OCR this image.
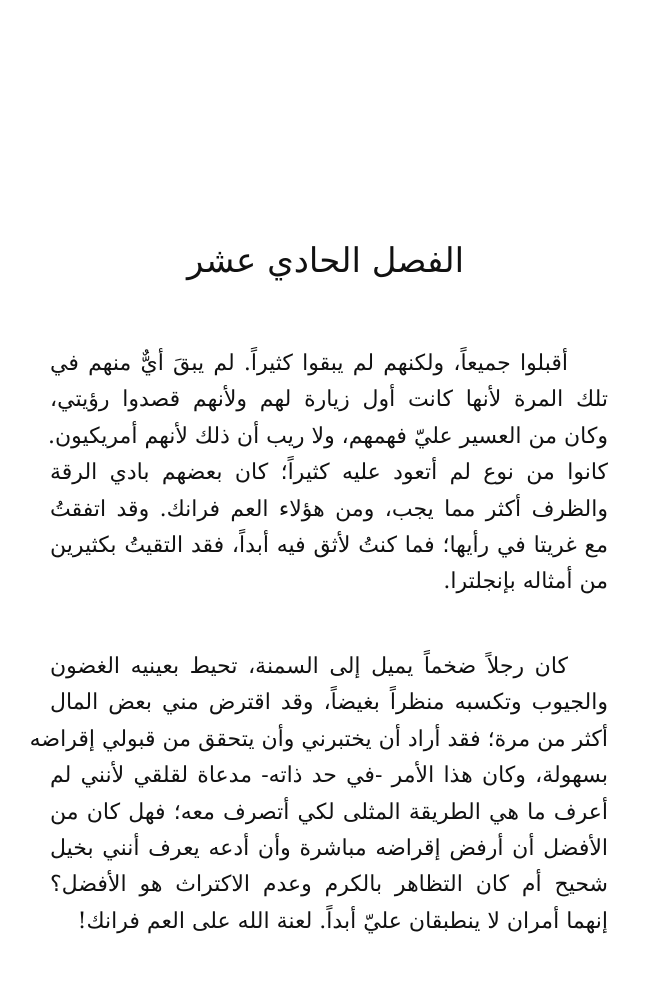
الفصل الحادي عشر

أقبلوا جميعاً، ولكنهم لم يبقوا كثيراً. لم يبقَ أيٌّ منهم في
تلك المرة لأنها كانت أول زيارة لهم ولأنهم قصدوا رؤيتي،
وكان من العسير عليّ فهمهم، ولا ريب أن ذلك لأنهم أمريكيون.
كانوا من نوع لم أتعود عليه كثيراً؛ كان بعضهم بادي الرقة
والظرف أكثر مما يجب، ومن هؤلاء العم فرانك. وقد اتفقتُ
مع غريتا في رأيها؛ فما كنتُ لأثق فيه أبداً، فقد التقيتُ بكثيرين
من أمثاله بإنجلترا.

كان رجلاً ضخماً يميل إلى السمنة، تحيط بعينيه الغضون
والجيوب وتكسبه منظراً بغيضاً، وقد اقترض مني بعض المال
أكثر من مرة؛ فقد أراد أن يختبرني وأن يتحقق من قبولي إقراضه
بسهولة، وكان هذا الأمر -في حد ذاته- مدعاة لقلقي لأنني لم
أعرف ما هي الطريقة المثلى لكي أتصرف معه؛ فهل كان من
الأفضل أن أرفض إقراضه مباشرة وأن أدعه يعرف أنني بخيل
شحيح أم كان التظاهر بالكرم وعدم الاكتراث هو الأفضل؟
إنهما أمران لا ينطبقان عليّ أبداً. لعنة الله على العم فرانك!
